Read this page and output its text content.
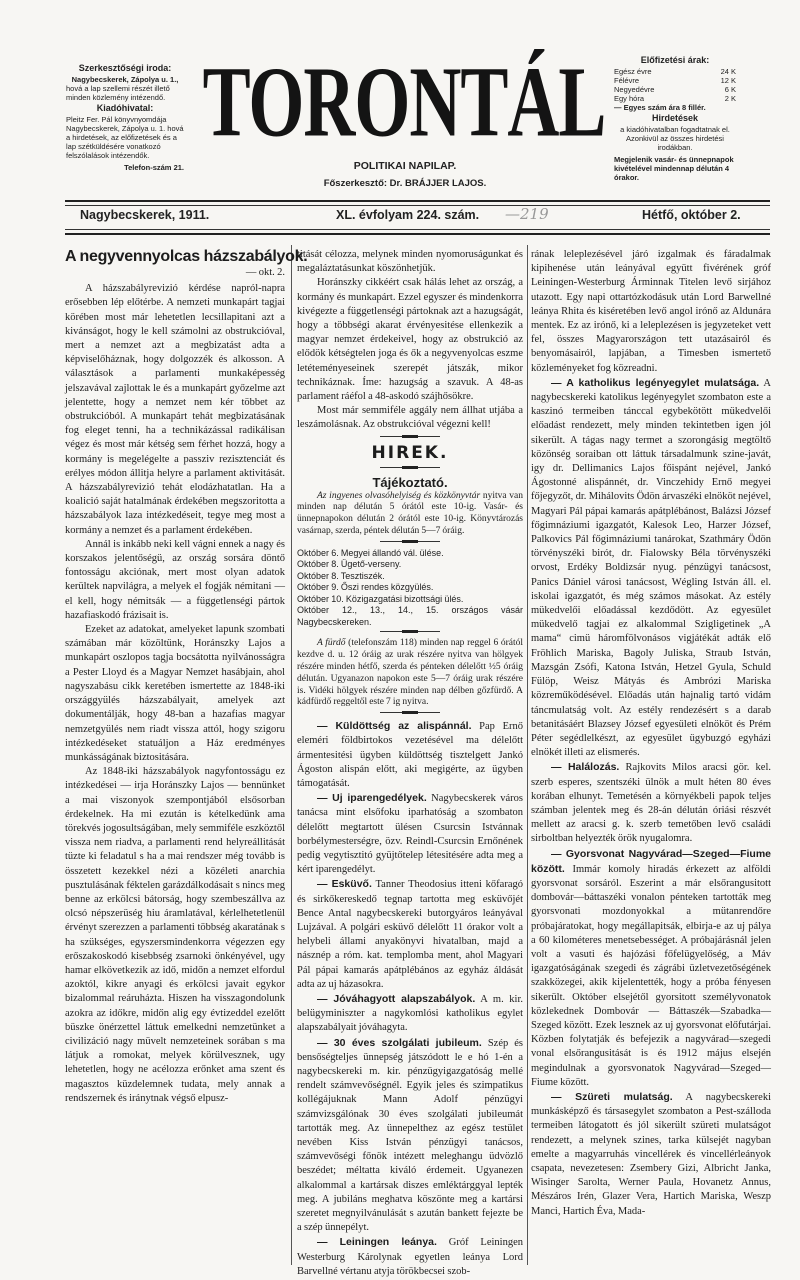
Szerkesztőségi iroda:

Nagybecskerek, Zápolya u. 1.,

hová a lap szellemi részét illető minden közlemény intézendő.

Kiadóhivatal:

Pleitz Fer. Pál könyvnyomdája Nagybecskerek, Zápolya u. 1. hová a hirdetések, az előfizetések és a lap szétküldésére vonatkozó felszólalások intézendők.

Telefon-szám 21.

TORONTÁL
POLITIKAI NAPILAP.
Főszerkesztő: Dr. BRÁJJER LAJOS.
Előfizetési árak:
Egész évre	24 K
Félévre	12 K
Negyedévre	6 K
Egy hóra	2 K

— Egyes szám ára 8 fillér.

Hirdetések

a kiadóhivatalban fogadtatnak el. Azonkivül az összes hirdetési irodákban.

Megjelenik vasár- és ünnepnapok kivételével mindennap délután 4 órakor.

Nagybecskerek, 1911.	XL. évfolyam 224. szám. —219	Hétfő, október 2.
A negyvennyolcas házszabályok.
— okt. 2.

A házszabályrevizió kérdése napról-napra erősebben lép előtérbe. A nemzeti munkapárt tagjai körében most már lehetetlen lecsillapitani azt a kivánságot, hogy le kell számolni az obstrukcióval, mert a nemzet azt a megbizatást adta a képviselőháznak, hogy dolgozzék és alkosson. A választások a parlamenti munkaképesség jelszavával zajlottak le és a munkapárt győzelme azt jelentette, hogy a nemzet nem kér többet az obstrukcióból. A munkapárt tehát megbizatásának fog eleget tenni, ha a technikázással radikálisan végez és most már kétség sem férhet hozzá, hogy a kormány is megelégelte a passziv rezisztenciát és erélyes módon állitja helyre a parlament aktivitását. A házszabályrevizió tehát elodázhatatlan. Ha a koalició saját hatalmának érdekében megszoritotta a házszabályok laza intézkedéseit, tegye meg most a kormány a nemzet és a parlament érdekében.

Annál is inkább neki kell vágni ennek a nagy és korszakos jelentőségü, az ország sorsára döntő fontosságu akciónak, mert most olyan adatok kerültek napvilágra, a melyek el fogják némitani — el kell, hogy némitsák — a függetlenségi pártok hazafiaskodó frázisait is.

Ezeket az adatokat, amelyeket lapunk szombati számában már közöltünk, Horánszky Lajos a munkapárt oszlopos tagja bocsátotta nyilvánosságra a Pester Lloyd és a Magyar Nemzet hasábjain, ahol nagyszabásu cikk keretében ismertette az 1848-iki országgyülés házszabályait, amelyek azt dokumentálják, hogy 48-ban a hazafias magyar nemzetgyülés nem riadt vissza attól, hogy szigoru intézkedéseket statuáljon a Ház eredményes munkásságának biztositására.

Az 1848-iki házszabályok nagyfontosságu ez intézkedései — irja Horánszky Lajos — bennünket a mai viszonyok szempontjából elsősorban érdekelnek. Ha mi ezután is kételkedünk ama törekvés jogosultságában, mely semmiféle eszköztől vissza nem riadva, a parlamenti rend helyreállitását tüzte ki feladatul s ha a mai rendszer még tovább is összetett kezekkel nézi a közéleti anarchia pusztulásának féktelen garázdálkodásait s nincs meg benne az erkölcsi bátorság, hogy szembeszállva az olcsó népszerüség hiu áramlatával, kérlelhetetlenül érvényt szerezzen a parlamenti többség akaratának s ha szükséges, egyszersmindenkorra végezzen egy erőszakoskodó kisebbség zsarnoki önkényével, ugy hamar elkövetkezik az idő, midőn a nemzet elfordul azoktól, kikre anyagi és erkölcsi javait egykor bizalommal reáruházta. Hiszen ha visszagondolunk azokra az időkre, midőn alig egy évtizeddel ezelőtt büszke önérzettel láttuk emelkedni nemzetünket a civilizáció nagy müvelt nemzeteinek sorában s ma látjuk a romokat, melyek körülvesznek, ugy lehetetlen, hogy ne acélozza erőnket ama szent és magasztos küzdelemnek tudata, mely annak a rendszernek és iránytnak végső elpusz-

titását célozza, melynek minden nyomoruságunkat és megaláztatásunkat köszönhetjük.

Horánszky cikkéért csak hálás lehet az ország, a kormány és munkapárt. Ezzel egyszer és mindenkorra kivégezte a függetlenségi pártoknak azt a hazugságát, hogy a többségi akarat érvényesitése ellenkezik a magyar nemzet érdekeivel, hogy az obstrukció az elődök kétségtelen joga és ők a negyvenyolcas eszme letéteményeseinek szerepét játszák, mikor technikáznak. Íme: hazugság a szavuk. A 48-as parlament ráéfol a 48-askodó szájhősökre.

Most már semmiféle aggály nem állhat utjába a leszámolásnak. Az obstrukcióval végezni kell!

HIREK.
Tájékoztató.

Az ingyenes olvasóhelyiség és közkönyvtár nyitva van minden nap délután 5 órától este 10-ig. Vasár- és ünnepnapokon délután 2 órától este 10-ig. Könyvtározás vasárnap, szerda, péntek délután 5—7 óráig.

Október 6. Megyei állandó vál. ülése.

Október 8. Ügető-verseny.

Október 8. Tesztiszék.

Október 9. Őszi rendes közgyülés.

Október 10. Közigazgatási bizottsági ülés.

Október 12., 13., 14., 15. országos vásár Nagybecskereken.

A fürdő (telefonszám 118) minden nap reggel 6 órától kezdve d. u. 12 óráig az urak részére nyitva van hölgyek részére minden hétfő, szerda és pénteken délelőtt ½5 óráig délután. Ugyanazon napokon este 5—7 óráig urak részére is. Vidéki hölgyek részére minden nap délben gőzfürdő. A kádfürdő reggeltől este 7 ig nyitva.

— Küldöttség az alispánnál. Pap Ernő eleméri földbirtokos vezetésével ma délelőtt ármentesitési ügyben küldöttség tisztelgett Jankó Ágoston alispán előtt, aki megigérte, az ügyben támogatását.

— Uj iparengedélyek. Nagybecskerek város tanácsa mint elsőfoku iparhatóság a szombaton délelőtt megtartott ülésen Csurcsin Istvánnak borbélymesterségre, özv. Reindl-Csurcsin Ernőnének pedig vegytisztitó gyüjtőtelep létesitésére adta meg a kért iparengedélyt.

— Esküvő. Tanner Theodosius itteni kőfaragó és sirkőkereskedő tegnap tartotta meg esküvőjét Bence Antal nagybecskereki butorgyáros leányával Lujzával. A polgári esküvő délelőtt 11 órakor volt a helybeli állami anyakönyvi hivatalban, majd a násznép a róm. kat. templomba ment, ahol Magyari Pál pápai kamarás apátplébános az egyház áldását adta az uj házasokra.

— Jóváhagyott alapszabályok. A m. kir. belügyminiszter a nagykomlósi katholikus egylet alapszabályait jóváhagyta.

— 30 éves szolgálati jubileum. Szép és bensőségteljes ünnepség játszódott le e hó 1-én a nagybecskereki m. kir. pénzügyigazgatóság mellé rendelt számvevőségnél. Egyik jeles és szimpatikus kollégájuknak Mann Adolf pénzügyi számvizsgálónak 30 éves szolgálati jubileumát tartották meg. Az ünnepelthez az egész testület nevében Kiss István pénzügyi tanácsos, számvevőségi főnök intézett meleghangu üdvözlő beszédet; méltatta kiváló érdemeit. Ugyanezen alkalommal a kartársak diszes emléktárggyal lepték meg. A jubiláns meghatva köszönte meg a kartársi szeretet megnyilvánulását s azután bankett fejezte be a szép ünnepélyt.

— Leiningen leánya. Gróf Leiningen Westerburg Károlynak egyetlen leánya Lord Barvellné vértanu atyja törökbecsei szob-

rának leleplezésével járó izgalmak és fáradalmak kipihenése után leányával együtt fivérének gróf Leiningen-Westerburg Árminnak Titelen levő sirjához utazott. Egy napi ottartózkodásuk után Lord Barwellné leánya Rhita és kiséretében levő angol irónő az Aldunára mentek. Ez az irónő, ki a leleplezésen is jegyzeteket vett fel, összes Magyarországon tett utazásairól és benyomásairól, lapjában, a Timesben ismertető közleményeket fog közreadni.

— A katholikus legényegylet mulatsága. A nagybecskereki katolikus legényegylet szombaton este a kaszinó termeiben tánccal egybekötött mükedvelői előadást rendezett, mely minden tekintetben igen jól sikerült. A tágas nagy termet a szorongásig megtöltő közönség soraiban ott láttuk társadalmunk szine-javát, igy dr. Dellimanics Lajos főispánt nejével, Jankó Ágostonné alispánnét, dr. Vinczehidy Ernő megyei főjegyzőt, dr. Mihálovits Ödön árvaszéki elnököt nejével, Magyari Pál pápai kamarás apátplébánost, Balázsi József főgimnáziumi igazgatót, Kalesok Leo, Harzer József, Palkovics Pál főgimnáziumi tanárokat, Szathmáry Ödön törvényszéki birót, dr. Fialowsky Béla törvényszéki orvost, Erdéky Boldizsár nyug. pénzügyi tanácsost, Panics Dániel városi tanácsost, Wégling István áll. el. iskolai igazgatót, és még számos másokat. Az estély mükedvelői előadással kezdődött. Az egyesület mükedvelő tagjai ez alkalommal Szigligetinek „A mama“ cimü háromfölvonásos vigjátékát adták elő Fröhlich Mariska, Bagoly Juliska, Straub István, Mazsgán Zsófi, Katona István, Hetzel Gyula, Schuld Fülöp, Weisz Mátyás és Ambrózi Mariska közreműködésével. Előadás után hajnalig tartó vidám táncmulatság volt. Az estély rendezésért s a darab betanitásáért Blazsey József egyesületi elnököt és Prém Péter segédlelkészt, az egyesület ügybuzgó egyházi elnökét illeti az elismerés.

— Halálozás. Rajkovits Milos aracsi gör. kel. szerb esperes, szentszéki ülnök a mult héten 80 éves korában elhunyt. Temetésén a környékbeli papok teljes számban jelentek meg és 28-án délután óriási részvét mellett az aracsi g. k. szerb temetőben levő családi sirboltban helyezték örök nyugalomra.

— Gyorsvonat Nagyvárad—Szeged—Fiume között. Immár komoly hiradás érkezett az alföldi gyorsvonat sorsáról. Eszerint a már elsőrangusitott dombovár—báttaszéki vonalon pénteken tartották meg gyorsvonati mozdonyokkal a mütanrendőre próbajáratokat, hogy megállapitsák, elbirja-e az uj pálya a 60 kilométeres menetsebességet. A próbajárásnál jelen volt a vasuti és hajózási főfelügyelőség, a Máv igazgatóságának szegedi és zágrábi üzletvezetőségének szakközegei, akik kijelentették, hogy a próba fényesen sikerült. Október elsejétől gyorsitott személyvonatok közlekednek Dombovár — Báttaszék—Szabadka—Szeged között. Ezek lesznek az uj gyorsvonat előfutárjai. Közben folytatják és befejezik a nagyvárad—szegedi vonal elsőrangusitását is és 1912 május elsején megindulnak a gyorsvonatok Nagyvárad—Szeged—Fiume között.

— Szüreti mulatság. A nagybecskereki munkásképző és társasegylet szombaton a Pest-szálloda termeiben látogatott és jól sikerült szüreti mulatságot rendezett, a melynek szines, tarka külsejét nagyban emelte a magyarruhás vincellérek és vincellérleányok csapata, nevezetesen: Zsembery Gizi, Albricht Janka, Wisinger Sarolta, Werner Paula, Hovanetz Annus, Mészáros Irén, Glazer Vera, Hartich Mariska, Weszp Manci, Hartich Éva, Mada-
